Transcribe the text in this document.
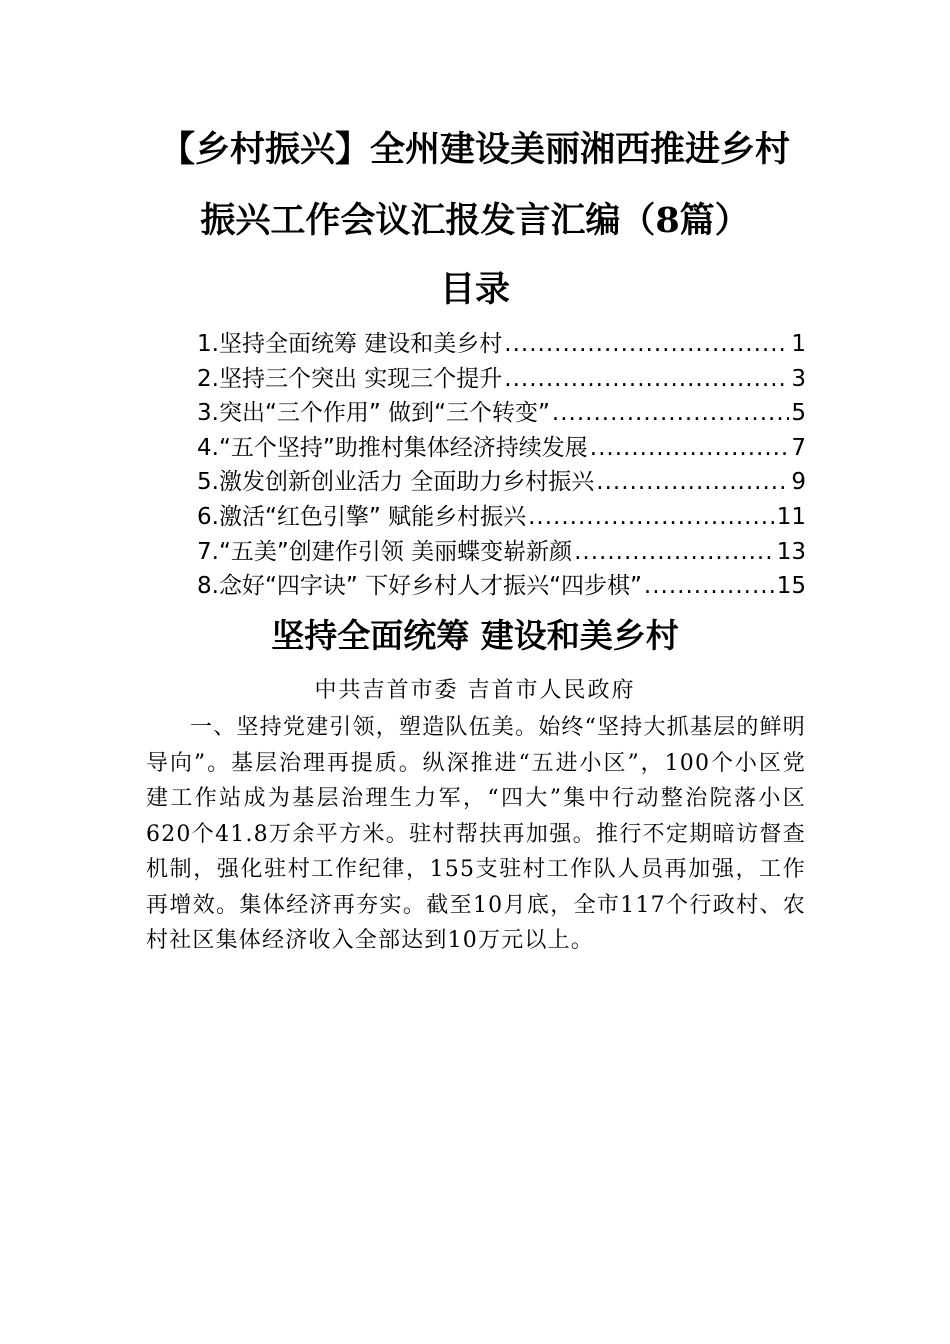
【乡村振兴】全州建设美丽湘西推进乡村
振兴工作会议汇报发言汇编（8篇）
目录
1.坚持全面统筹 建设和美乡村 .....	1
2.坚持三个突出 实现三个提升 .....	3
3.突出“三个作用” 做到“三个转变” .....	5
4.“五个坚持”助推村集体经济持续发展 .....	7
5.激发创新创业活力 全面助力乡村振兴 .....	9
6.激活“红色引擎” 赋能乡村振兴 .....	11
7.“五美”创建作引领 美丽蝶变崭新颜 .....	13
8.念好“四字诀” 下好乡村人才振兴“四步棋” .....	15
坚持全面统筹 建设和美乡村
中共吉首市委 吉首市人民政府

一、坚持党建引领，塑造队伍美。始终“坚持大抓基层的鲜明导向”。基层治理再提质。纵深推进“五进小区”，100个小区党建工作站成为基层治理生力军，“四大”集中行动整治院落小区620个41.8万余平方米。驻村帮扶再加强。推行不定期暗访督查机制，强化驻村工作纪律，155支驻村工作队人员再加强，工作再增效。集体经济再夯实。截至10月底，全市117个行政村、农村社区集体经济收入全部达到10万元以上。
